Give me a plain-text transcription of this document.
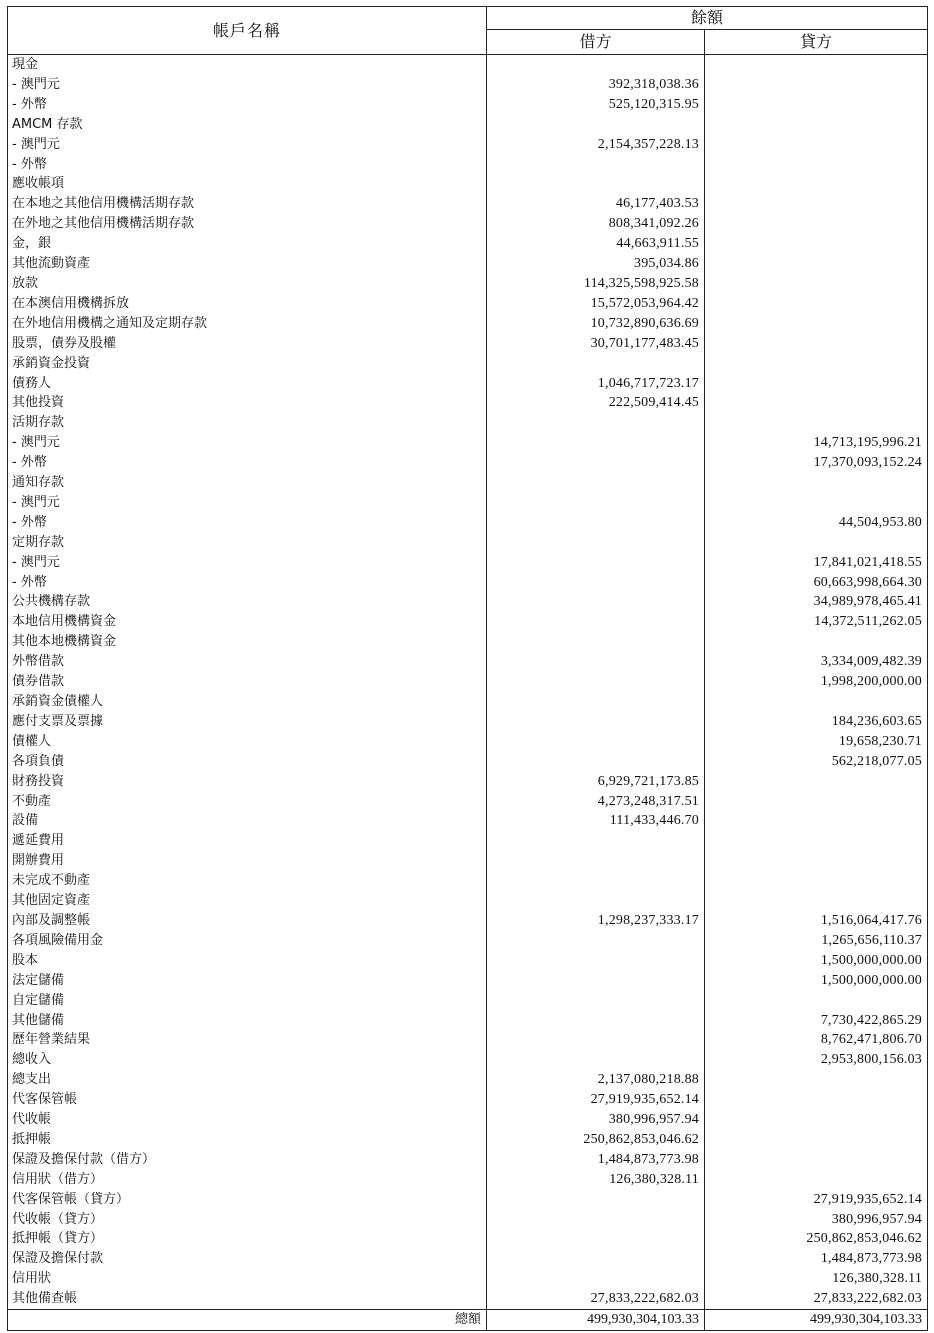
帳戶名稱	餘額	
	借方	貸方
現金		
- 澳門元	392,318,038.36	
- 外幣	525,120,315.95	
AMCM 存款		
- 澳門元	2,154,357,228.13	
- 外幣		
應收帳項		
在本地之其他信用機構活期存款	46,177,403.53	
在外地之其他信用機構活期存款	808,341,092.26	
金，銀	44,663,911.55	
其他流動資產	395,034.86	
放款	114,325,598,925.58	
在本澳信用機構拆放	15,572,053,964.42	
在外地信用機構之通知及定期存款	10,732,890,636.69	
股票，債券及股權	30,701,177,483.45	
承銷資金投資		
債務人	1,046,717,723.17	
其他投資	222,509,414.45	
活期存款		
- 澳門元		14,713,195,996.21
- 外幣		17,370,093,152.24
通知存款		
- 澳門元		
- 外幣		44,504,953.80
定期存款		
- 澳門元		17,841,021,418.55
- 外幣		60,663,998,664.30
公共機構存款		34,989,978,465.41
本地信用機構資金		14,372,511,262.05
其他本地機構資金		
外幣借款		3,334,009,482.39
債券借款		1,998,200,000.00
承銷資金債權人		
應付支票及票據		184,236,603.65
債權人		19,658,230.71
各項負債		562,218,077.05
財務投資	6,929,721,173.85	
不動產	4,273,248,317.51	
設備	111,433,446.70	
遞延費用		
開辦費用		
未完成不動產		
其他固定資產		
內部及調整帳	1,298,237,333.17	1,516,064,417.76
各項風險備用金		1,265,656,110.37
股本		1,500,000,000.00
法定儲備		1,500,000,000.00
自定儲備		
其他儲備		7,730,422,865.29
歷年營業結果		8,762,471,806.70
總收入		2,953,800,156.03
總支出	2,137,080,218.88	
代客保管帳	27,919,935,652.14	
代收帳	380,996,957.94	
抵押帳	250,862,853,046.62	
保證及擔保付款（借方）	1,484,873,773.98	
信用狀（借方）	126,380,328.11	
代客保管帳（貸方）		27,919,935,652.14
代收帳（貸方）		380,996,957.94
抵押帳（貸方）		250,862,853,046.62
保證及擔保付款		1,484,873,773.98
信用狀		126,380,328.11
其他備查帳	27,833,222,682.03	27,833,222,682.03
總額	499,930,304,103.33	499,930,304,103.33
